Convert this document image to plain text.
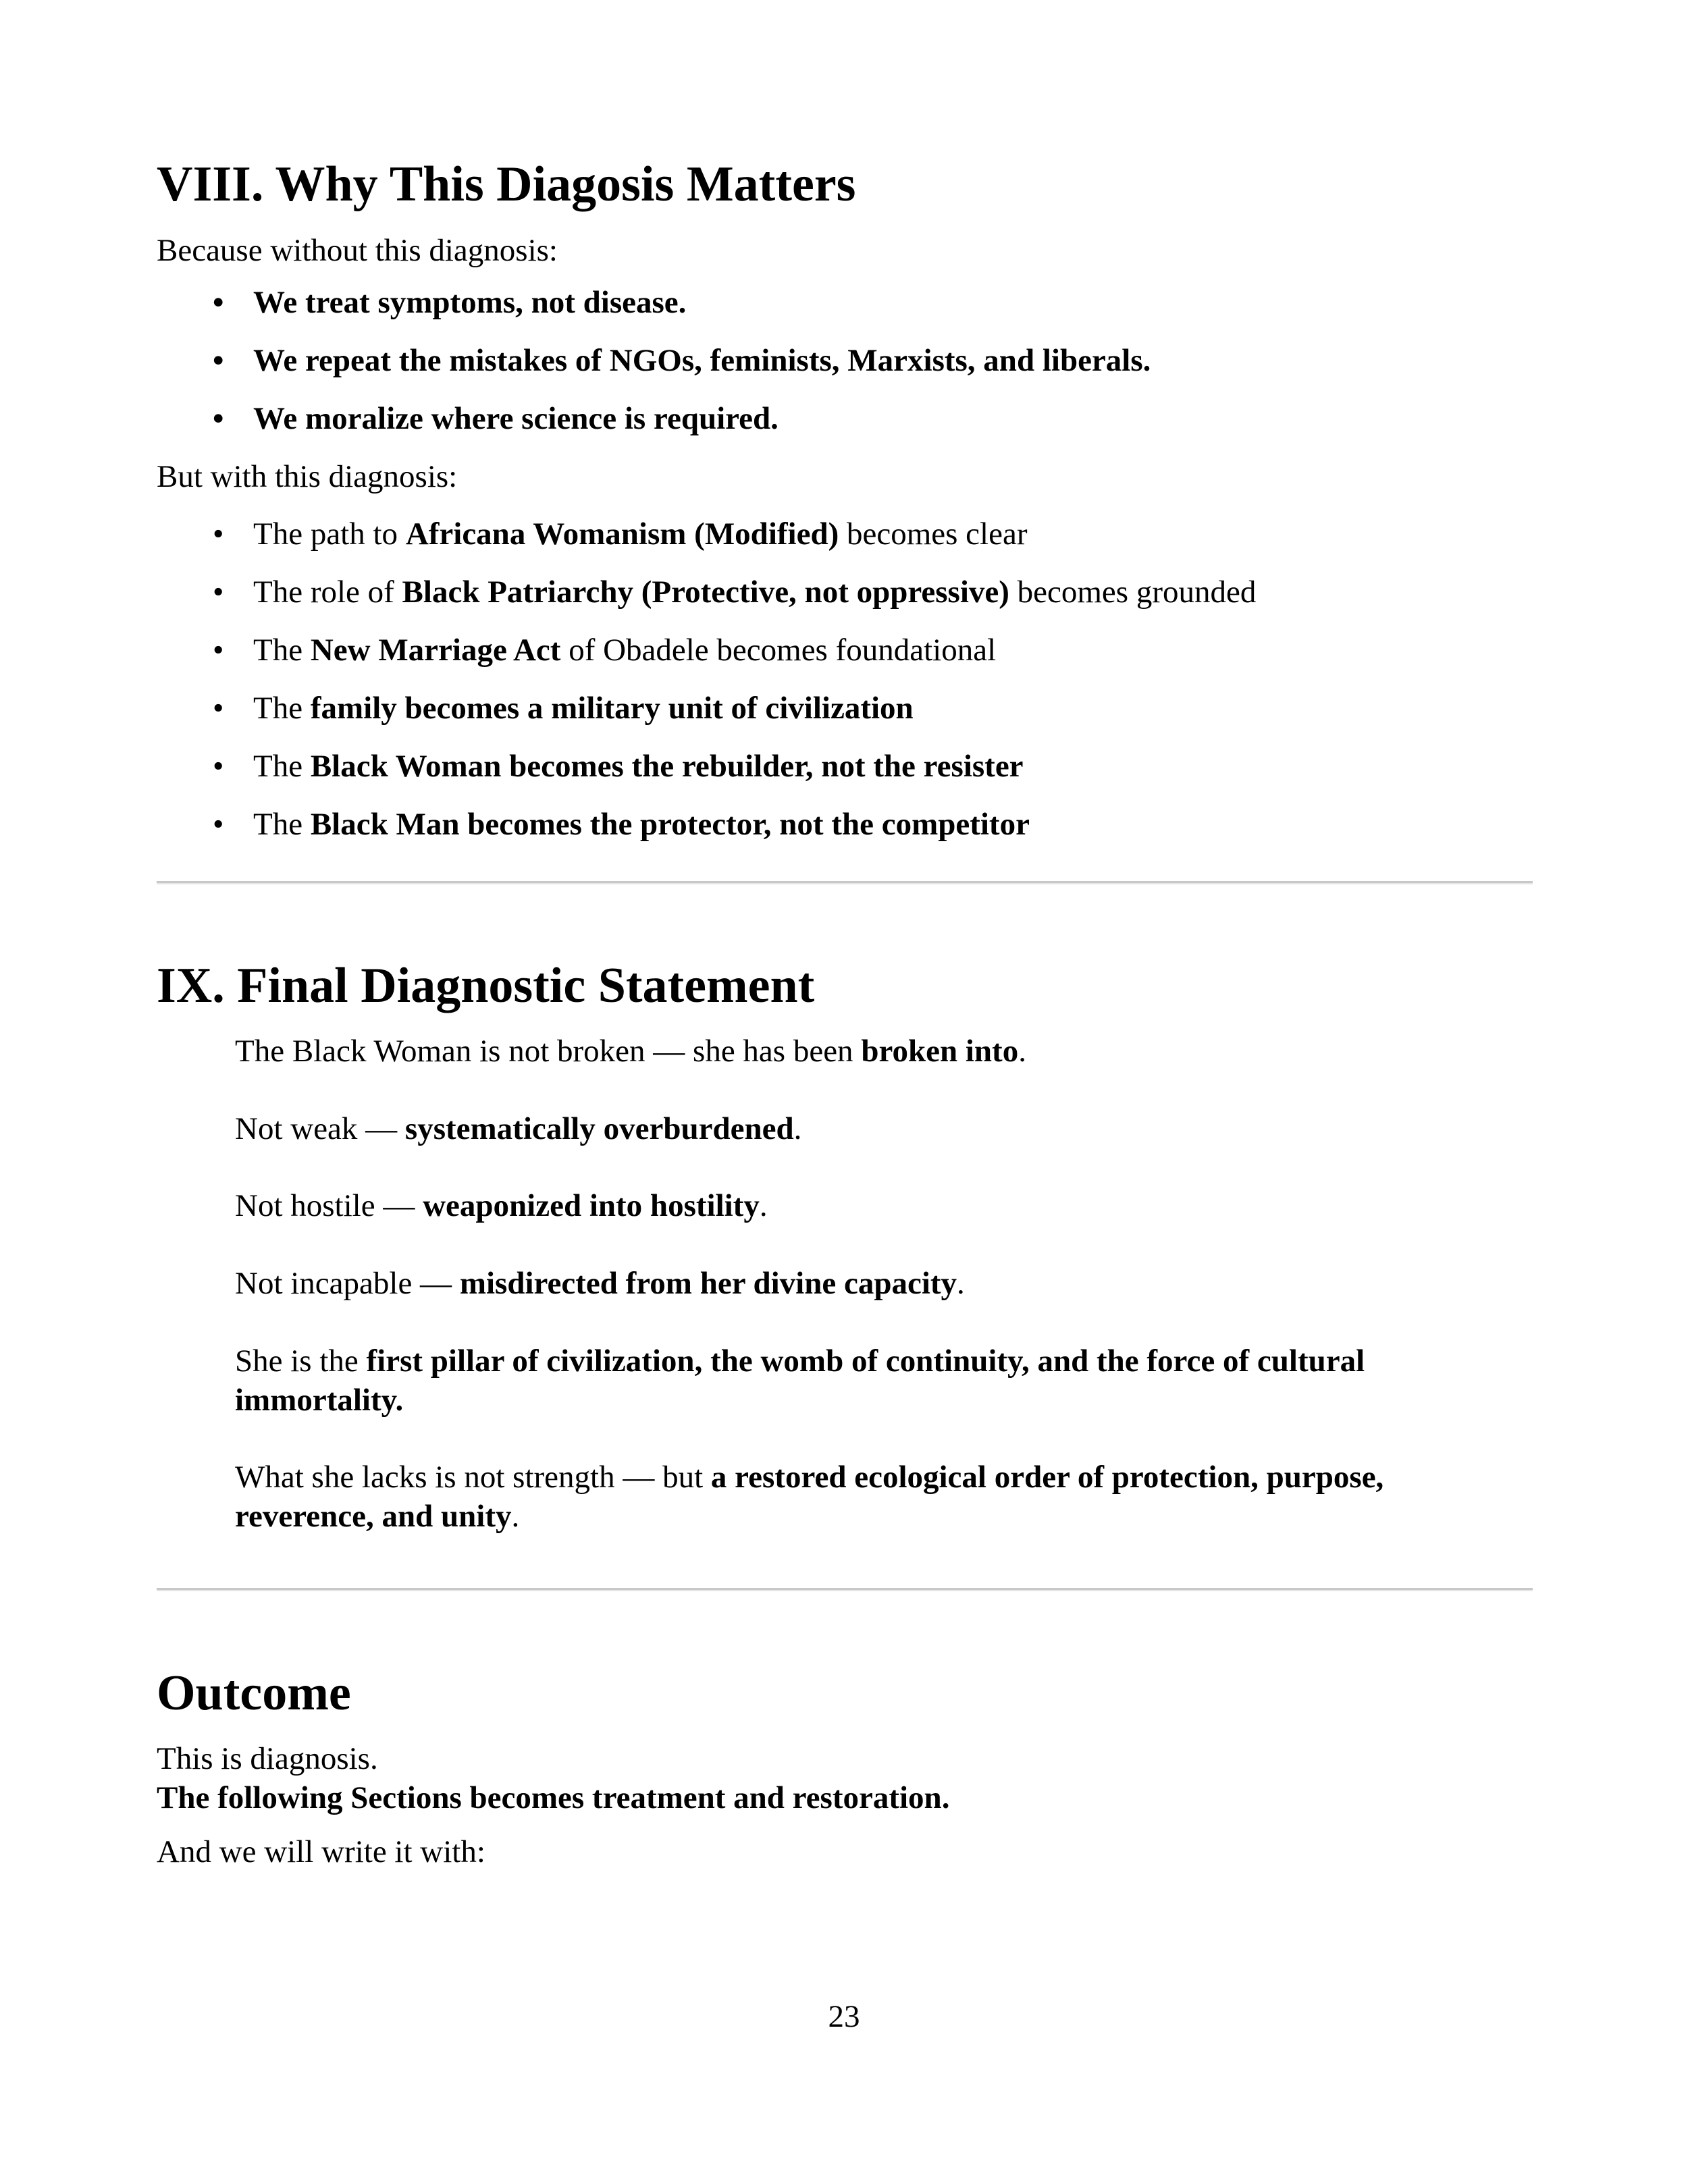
VIII. Why This Diagosis Matters

Because without this diagnosis:

• We treat symptoms, not disease.
• We repeat the mistakes of NGOs, feminists, Marxists, and liberals.
• We moralize where science is required.

But with this diagnosis:

• The path to Africana Womanism (Modified) becomes clear
• The role of Black Patriarchy (Protective, not oppressive) becomes grounded
• The New Marriage Act of Obadele becomes foundational
• The family becomes a military unit of civilization
• The Black Woman becomes the rebuilder, not the resister
• The Black Man becomes the protector, not the competitor
IX. Final Diagnostic Statement
The Black Woman is not broken — she has been broken into.
Not weak — systematically overburdened.
Not hostile — weaponized into hostility.
Not incapable — misdirected from her divine capacity.
She is the first pillar of civilization, the womb of continuity, and the force of cultural immortality.
What she lacks is not strength — but a restored ecological order of protection, purpose, reverence, and unity.
Outcome

This is diagnosis.

The following Sections becomes treatment and restoration.

And we will write it with:

23
